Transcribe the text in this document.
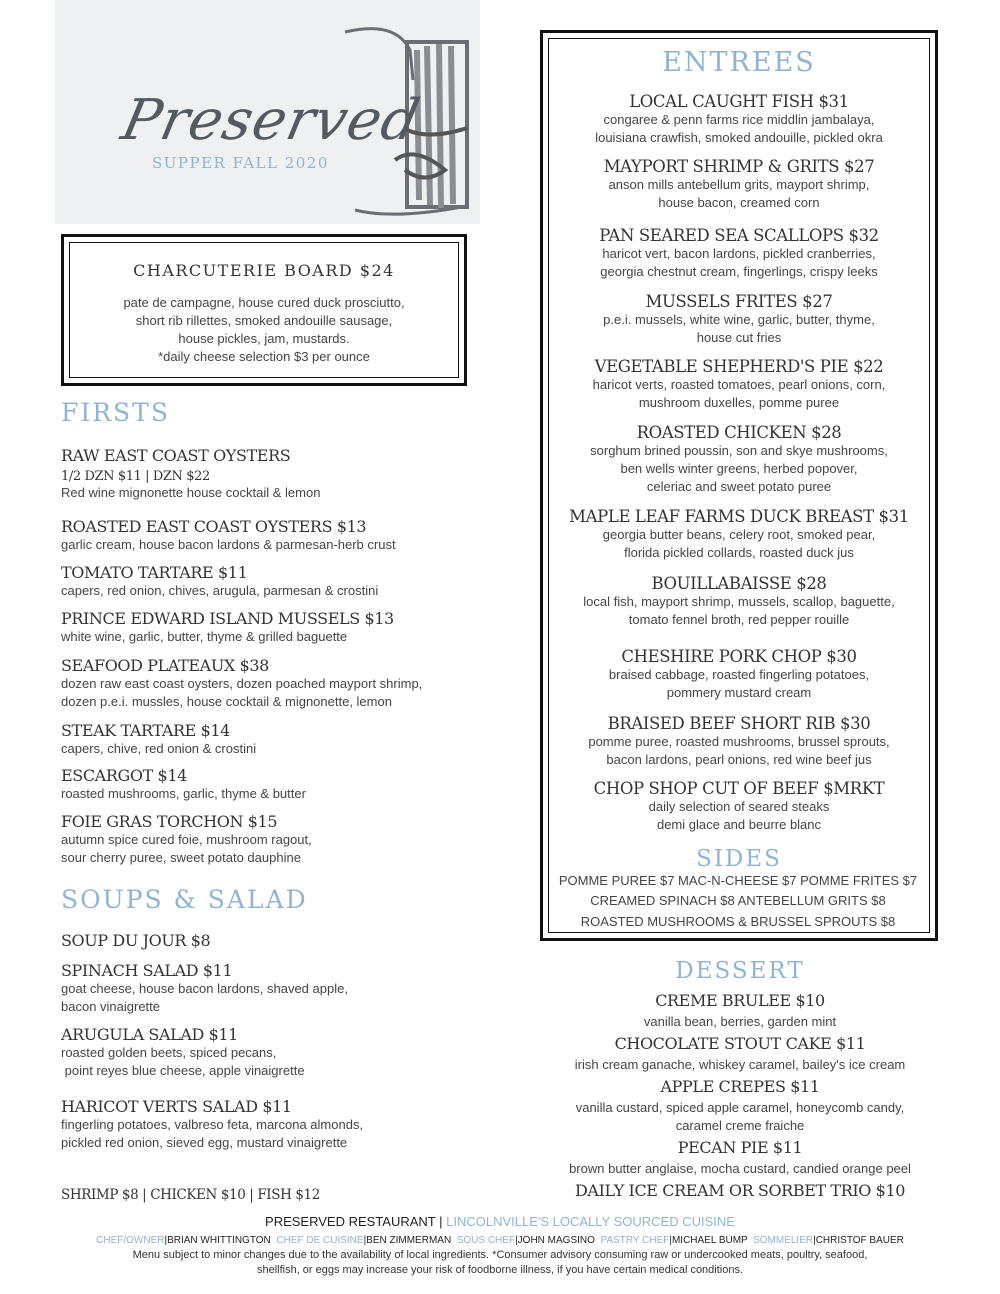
Preserved
SUPPER FALL 2020
CHARCUTERIE BOARD $24
pate de campagne, house cured duck prosciutto,
short rib rillettes, smoked andouille sausage,
house pickles, jam, mustards.
*daily cheese selection $3 per ounce
FIRSTS
RAW EAST COAST OYSTERS
1/2 DZN $11 | DZN $22
Red wine mignonette house cocktail & lemon
ROASTED EAST COAST OYSTERS $13
garlic cream, house bacon lardons & parmesan-herb crust
TOMATO TARTARE $11
capers, red onion, chives, arugula, parmesan & crostini
PRINCE EDWARD ISLAND MUSSELS $13
white wine, garlic, butter, thyme & grilled baguette
SEAFOOD PLATEAUX $38
dozen raw east coast oysters, dozen poached mayport shrimp,
dozen p.e.i. mussles, house cocktail & mignonette, lemon
STEAK TARTARE $14
capers, chive, red onion & crostini
ESCARGOT $14
roasted mushrooms, garlic, thyme & butter
FOIE GRAS TORCHON $15
autumn spice cured foie, mushroom ragout,
sour cherry puree, sweet potato dauphine
SOUPS & SALAD
SOUP DU JOUR $8
SPINACH SALAD $11
goat cheese, house bacon lardons, shaved apple,
bacon vinaigrette
ARUGULA SALAD $11
roasted golden beets, spiced pecans,
point reyes blue cheese, apple vinaigrette
HARICOT VERTS SALAD $11
fingerling potatoes, valbreso feta, marcona almonds,
pickled red onion, sieved egg, mustard vinaigrette
SHRIMP $8 | CHICKEN $10 | FISH $12
ENTREES
LOCAL CAUGHT FISH $31
congaree & penn farms rice middlin jambalaya,
louisiana crawfish, smoked andouille, pickled okra
MAYPORT SHRIMP & GRITS $27
anson mills antebellum grits, mayport shrimp,
house bacon, creamed corn
PAN SEARED SEA SCALLOPS $32
haricot vert, bacon lardons, pickled cranberries,
georgia chestnut cream, fingerlings, crispy leeks
MUSSELS FRITES $27
p.e.i. mussels, white wine, garlic, butter, thyme,
house cut fries
VEGETABLE SHEPHERD'S PIE $22
haricot verts, roasted tomatoes, pearl onions, corn,
mushroom duxelles, pomme puree
ROASTED CHICKEN $28
sorghum brined poussin, son and skye mushrooms,
ben wells winter greens, herbed popover,
celeriac and sweet potato puree
MAPLE LEAF FARMS DUCK BREAST $31
georgia butter beans, celery root, smoked pear,
florida pickled collards, roasted duck jus
BOUILLABAISSE $28
local fish, mayport shrimp, mussels, scallop, baguette,
tomato fennel broth, red pepper rouille
CHESHIRE PORK CHOP $30
braised cabbage, roasted fingerling potatoes,
pommery mustard cream
BRAISED BEEF SHORT RIB $30
pomme puree, roasted mushrooms, brussel sprouts,
bacon lardons, pearl onions, red wine beef jus
CHOP SHOP CUT OF BEEF $MRKT
daily selection of seared steaks
demi glace and beurre blanc
SIDES
POMME PUREE $7 MAC-N-CHEESE $7 POMME FRITES $7
CREAMED SPINACH $8 ANTEBELLUM GRITS $8
ROASTED MUSHROOMS & BRUSSEL SPROUTS $8
DESSERT
CREME BRULEE $10
vanilla bean, berries, garden mint
CHOCOLATE STOUT CAKE $11
irish cream ganache, whiskey caramel, bailey's ice cream
APPLE CREPES $11
vanilla custard, spiced apple caramel, honeycomb candy,
caramel creme fraiche
PECAN PIE $11
brown butter anglaise, mocha custard, candied orange peel
DAILY ICE CREAM OR SORBET TRIO $10
PRESERVED RESTAURANT | LINCOLNVILLE'S LOCALLY SOURCED CUISINE
CHEF/OWNER|BRIAN WHITTINGTON  CHEF DE CUISINE|BEN ZIMMERMAN  SOUS CHEF|JOHN MAGSINO  PASTRY CHEF|MICHAEL BUMP  SOMMELIER|CHRISTOF BAUER
Menu subject to minor changes due to the availability of local ingredients. *Consumer advisory consuming raw or undercooked meats, poultry, seafood,
shellfish, or eggs may increase your risk of foodborne illness, if you have certain medical conditions.
